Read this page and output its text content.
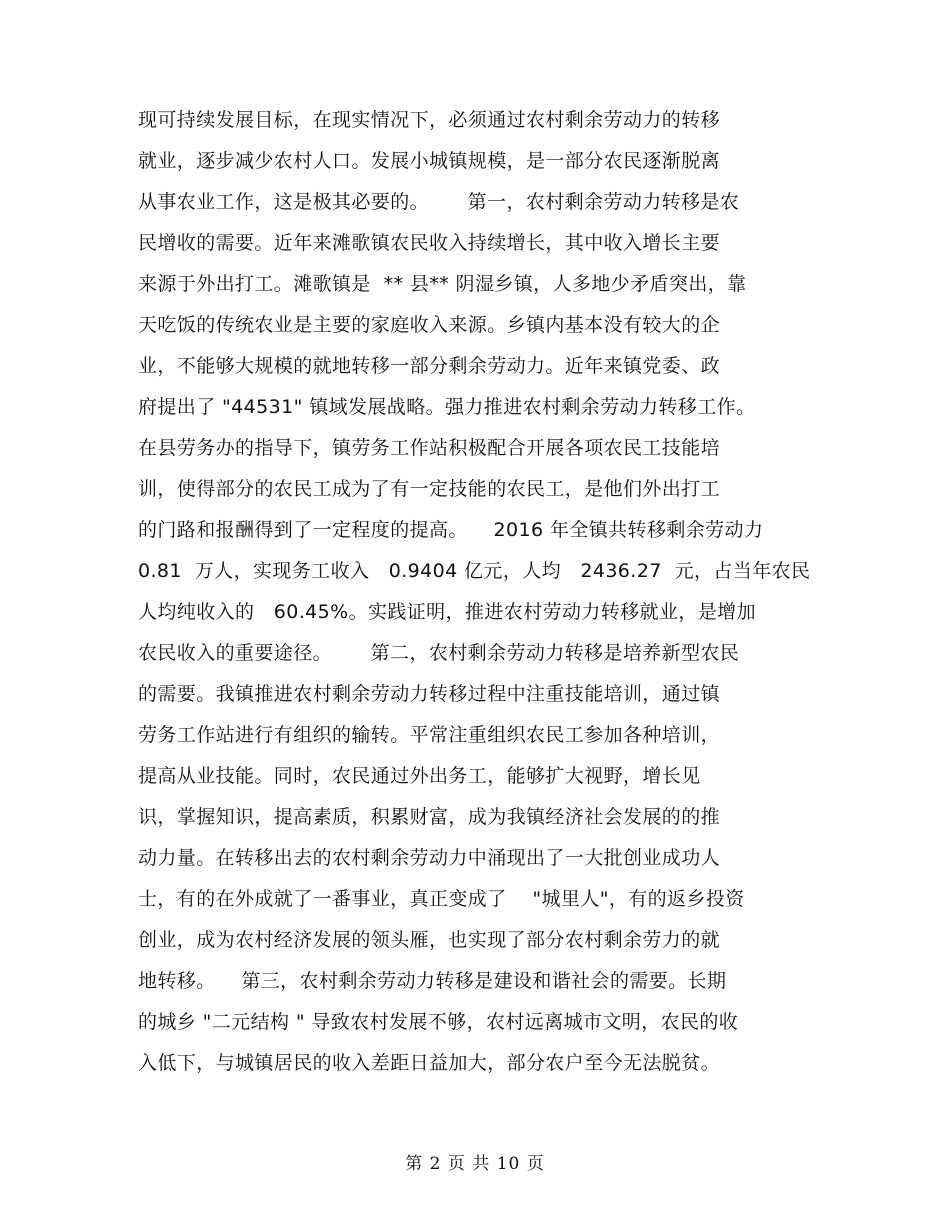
现可持续发展目标，在现实情况下，必须通过农村剩余劳动力的转移
就业，逐步减少农村人口。发展小城镇规模，是一部分农民逐渐脱离
从事农业工作，这是极其必要的。      第一，农村剩余劳动力转移是农
民增收的需要。近年来滩歌镇农民收入持续增长，其中收入增长主要
来源于外出打工。滩歌镇是  ** 县** 阴湿乡镇，人多地少矛盾突出，靠
天吃饭的传统农业是主要的家庭收入来源。乡镇内基本没有较大的企
业，不能够大规模的就地转移一部分剩余劳动力。近年来镇党委、政
府提出了 "44531" 镇域发展战略。强力推进农村剩余劳动力转移工作。
在县劳务办的指导下，镇劳务工作站积极配合开展各项农民工技能培
训，使得部分的农民工成为了有一定技能的农民工，是他们外出打工
的门路和报酬得到了一定程度的提高。    2016 年全镇共转移剩余劳动力
0.81  万人，实现务工收入   0.9404 亿元，人均   2436.27  元，占当年农民
人均纯收入的   60.45%。实践证明，推进农村劳动力转移就业，是增加
农民收入的重要途径。      第二，农村剩余劳动力转移是培养新型农民
的需要。我镇推进农村剩余劳动力转移过程中注重技能培训，通过镇
劳务工作站进行有组织的输转。平常注重组织农民工参加各种培训，
提高从业技能。同时，农民通过外出务工，能够扩大视野，增长见
识，掌握知识，提高素质，积累财富，成为我镇经济社会发展的的推
动力量。在转移出去的农村剩余劳动力中涌现出了一大批创业成功人
士，有的在外成就了一番事业，真正变成了    "城里人"，有的返乡投资
创业，成为农村经济发展的领头雁，也实现了部分农村剩余劳力的就
地转移。    第三，农村剩余劳动力转移是建设和谐社会的需要。长期
的城乡 "二元结构 " 导致农村发展不够，农村远离城市文明，农民的收
入低下，与城镇居民的收入差距日益加大，部分农户至今无法脱贫。
第 2 页 共 10 页
